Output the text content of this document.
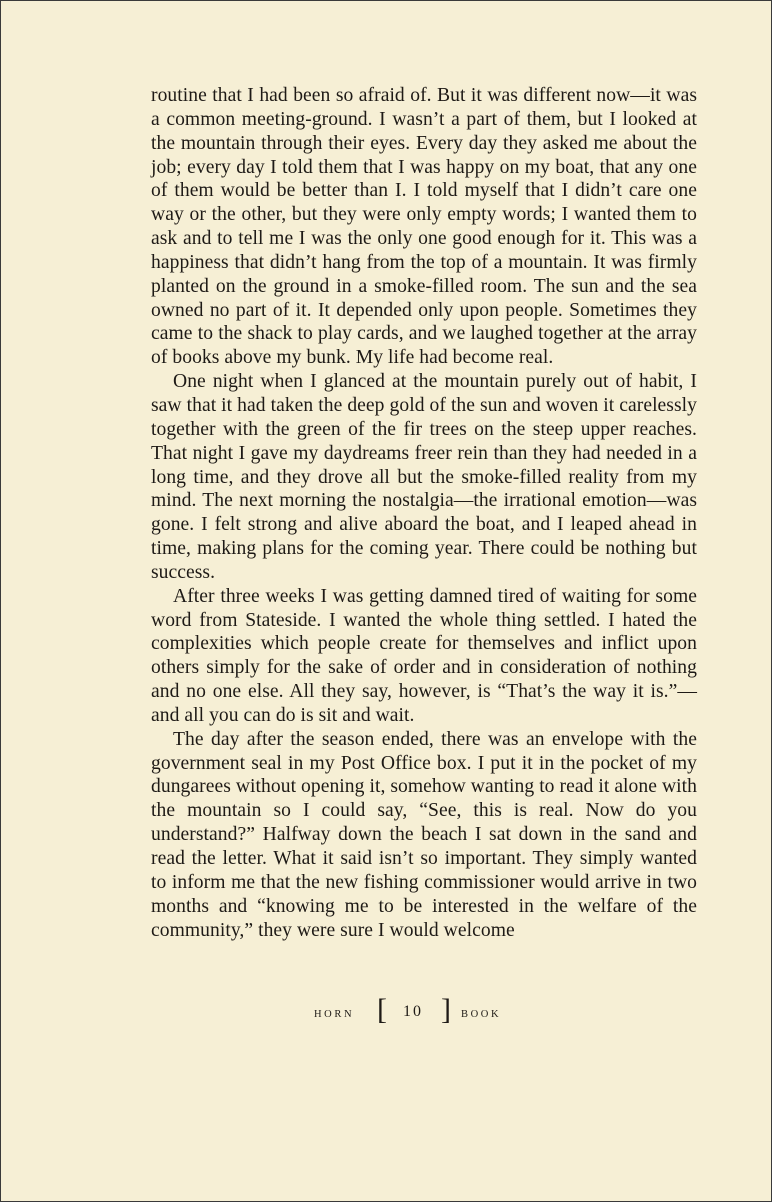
routine that I had been so afraid of. But it was different now—it was a common meeting-ground. I wasn’t a part of them, but I looked at the mountain through their eyes. Every day they asked me about the job; every day I told them that I was happy on my boat, that any one of them would be better than I. I told myself that I didn’t care one way or the other, but they were only empty words; I wanted them to ask and to tell me I was the only one good enough for it. This was a happiness that didn’t hang from the top of a mountain. It was firmly planted on the ground in a smoke-filled room. The sun and the sea owned no part of it. It depended only upon people. Sometimes they came to the shack to play cards, and we laughed together at the array of books above my bunk. My life had become real.

One night when I glanced at the mountain purely out of habit, I saw that it had taken the deep gold of the sun and woven it carelessly together with the green of the fir trees on the steep upper reaches. That night I gave my daydreams freer rein than they had needed in a long time, and they drove all but the smoke-filled reality from my mind. The next morning the nostalgia—the irrational emotion—was gone. I felt strong and alive aboard the boat, and I leaped ahead in time, making plans for the coming year. There could be nothing but success.

After three weeks I was getting damned tired of waiting for some word from Stateside. I wanted the whole thing settled. I hated the complexities which people create for themselves and inflict upon others simply for the sake of order and in consideration of nothing and no one else. All they say, however, is “That’s the way it is.”—and all you can do is sit and wait.

The day after the season ended, there was an envelope with the government seal in my Post Office box. I put it in the pocket of my dungarees without opening it, somehow wanting to read it alone with the mountain so I could say, “See, this is real. Now do you understand?” Halfway down the beach I sat down in the sand and read the letter. What it said isn’t so important. They simply wanted to inform me that the new fishing commissioner would arrive in two months and “knowing me to be interested in the welfare of the community,” they were sure I would welcome

HORN [ 10 ] BOOK
